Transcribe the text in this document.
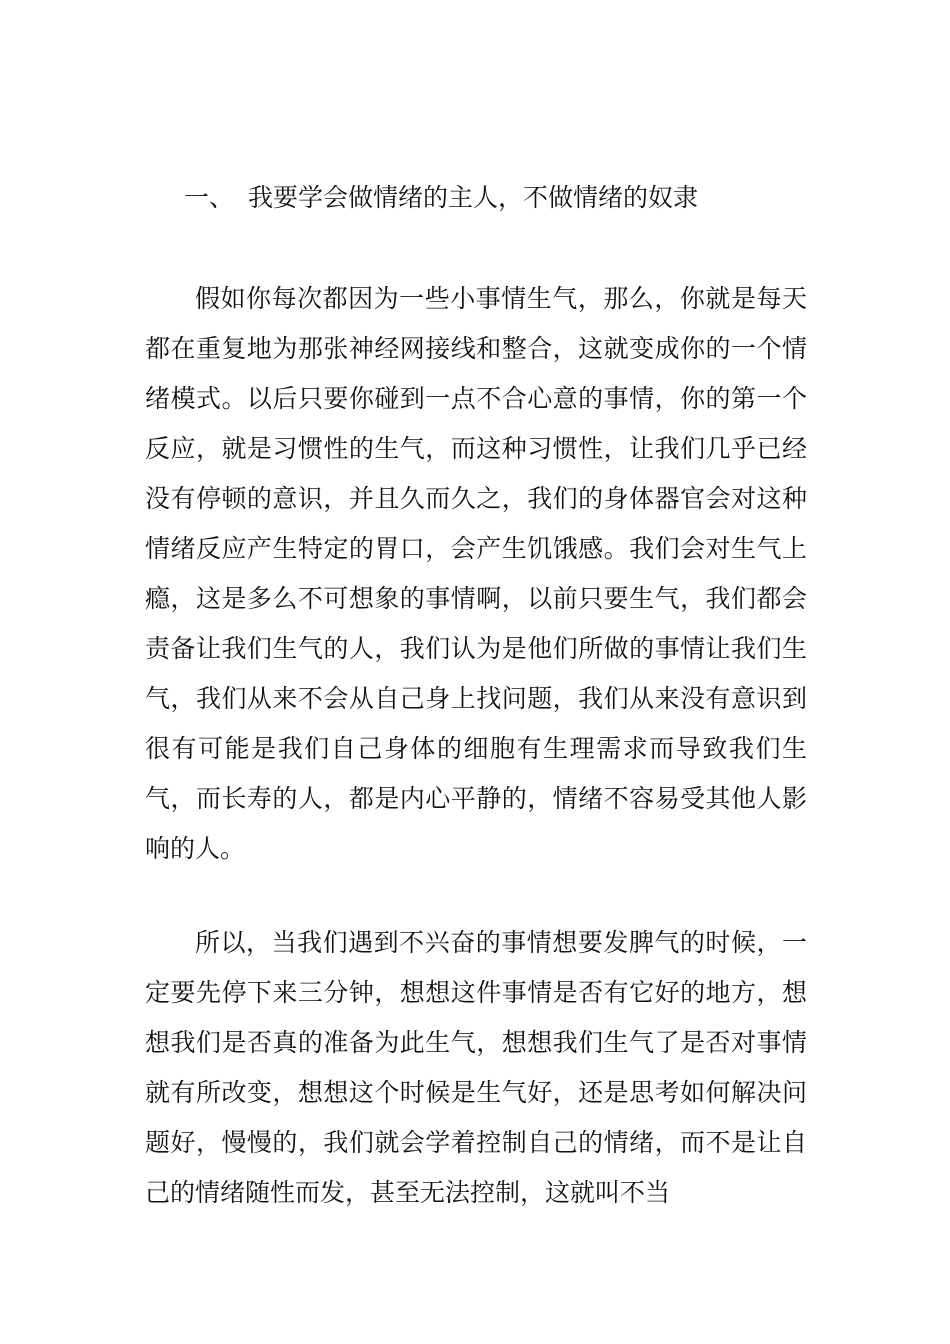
一、 我要学会做情绪的主人，不做情绪的奴隶

假如你每次都因为一些小事情生气，那么，你就是每天都在重复地为那张神经网接线和整合，这就变成你的一个情绪模式。以后只要你碰到一点不合心意的事情，你的第一个反应，就是习惯性的生气，而这种习惯性，让我们几乎已经没有停顿的意识，并且久而久之，我们的身体器官会对这种情绪反应产生特定的胃口，会产生饥饿感。我们会对生气上瘾，这是多么不可想象的事情啊，以前只要生气，我们都会责备让我们生气的人，我们认为是他们所做的事情让我们生气，我们从来不会从自己身上找问题，我们从来没有意识到很有可能是我们自己身体的细胞有生理需求而导致我们生气，而长寿的人，都是内心平静的，情绪不容易受其他人影响的人。

所以，当我们遇到不兴奋的事情想要发脾气的时候，一定要先停下来三分钟，想想这件事情是否有它好的地方，想想我们是否真的准备为此生气，想想我们生气了是否对事情就有所改变，想想这个时候是生气好，还是思考如何解决问题好，慢慢的，我们就会学着控制自己的情绪，而不是让自己的情绪随性而发，甚至无法控制，这就叫不当
